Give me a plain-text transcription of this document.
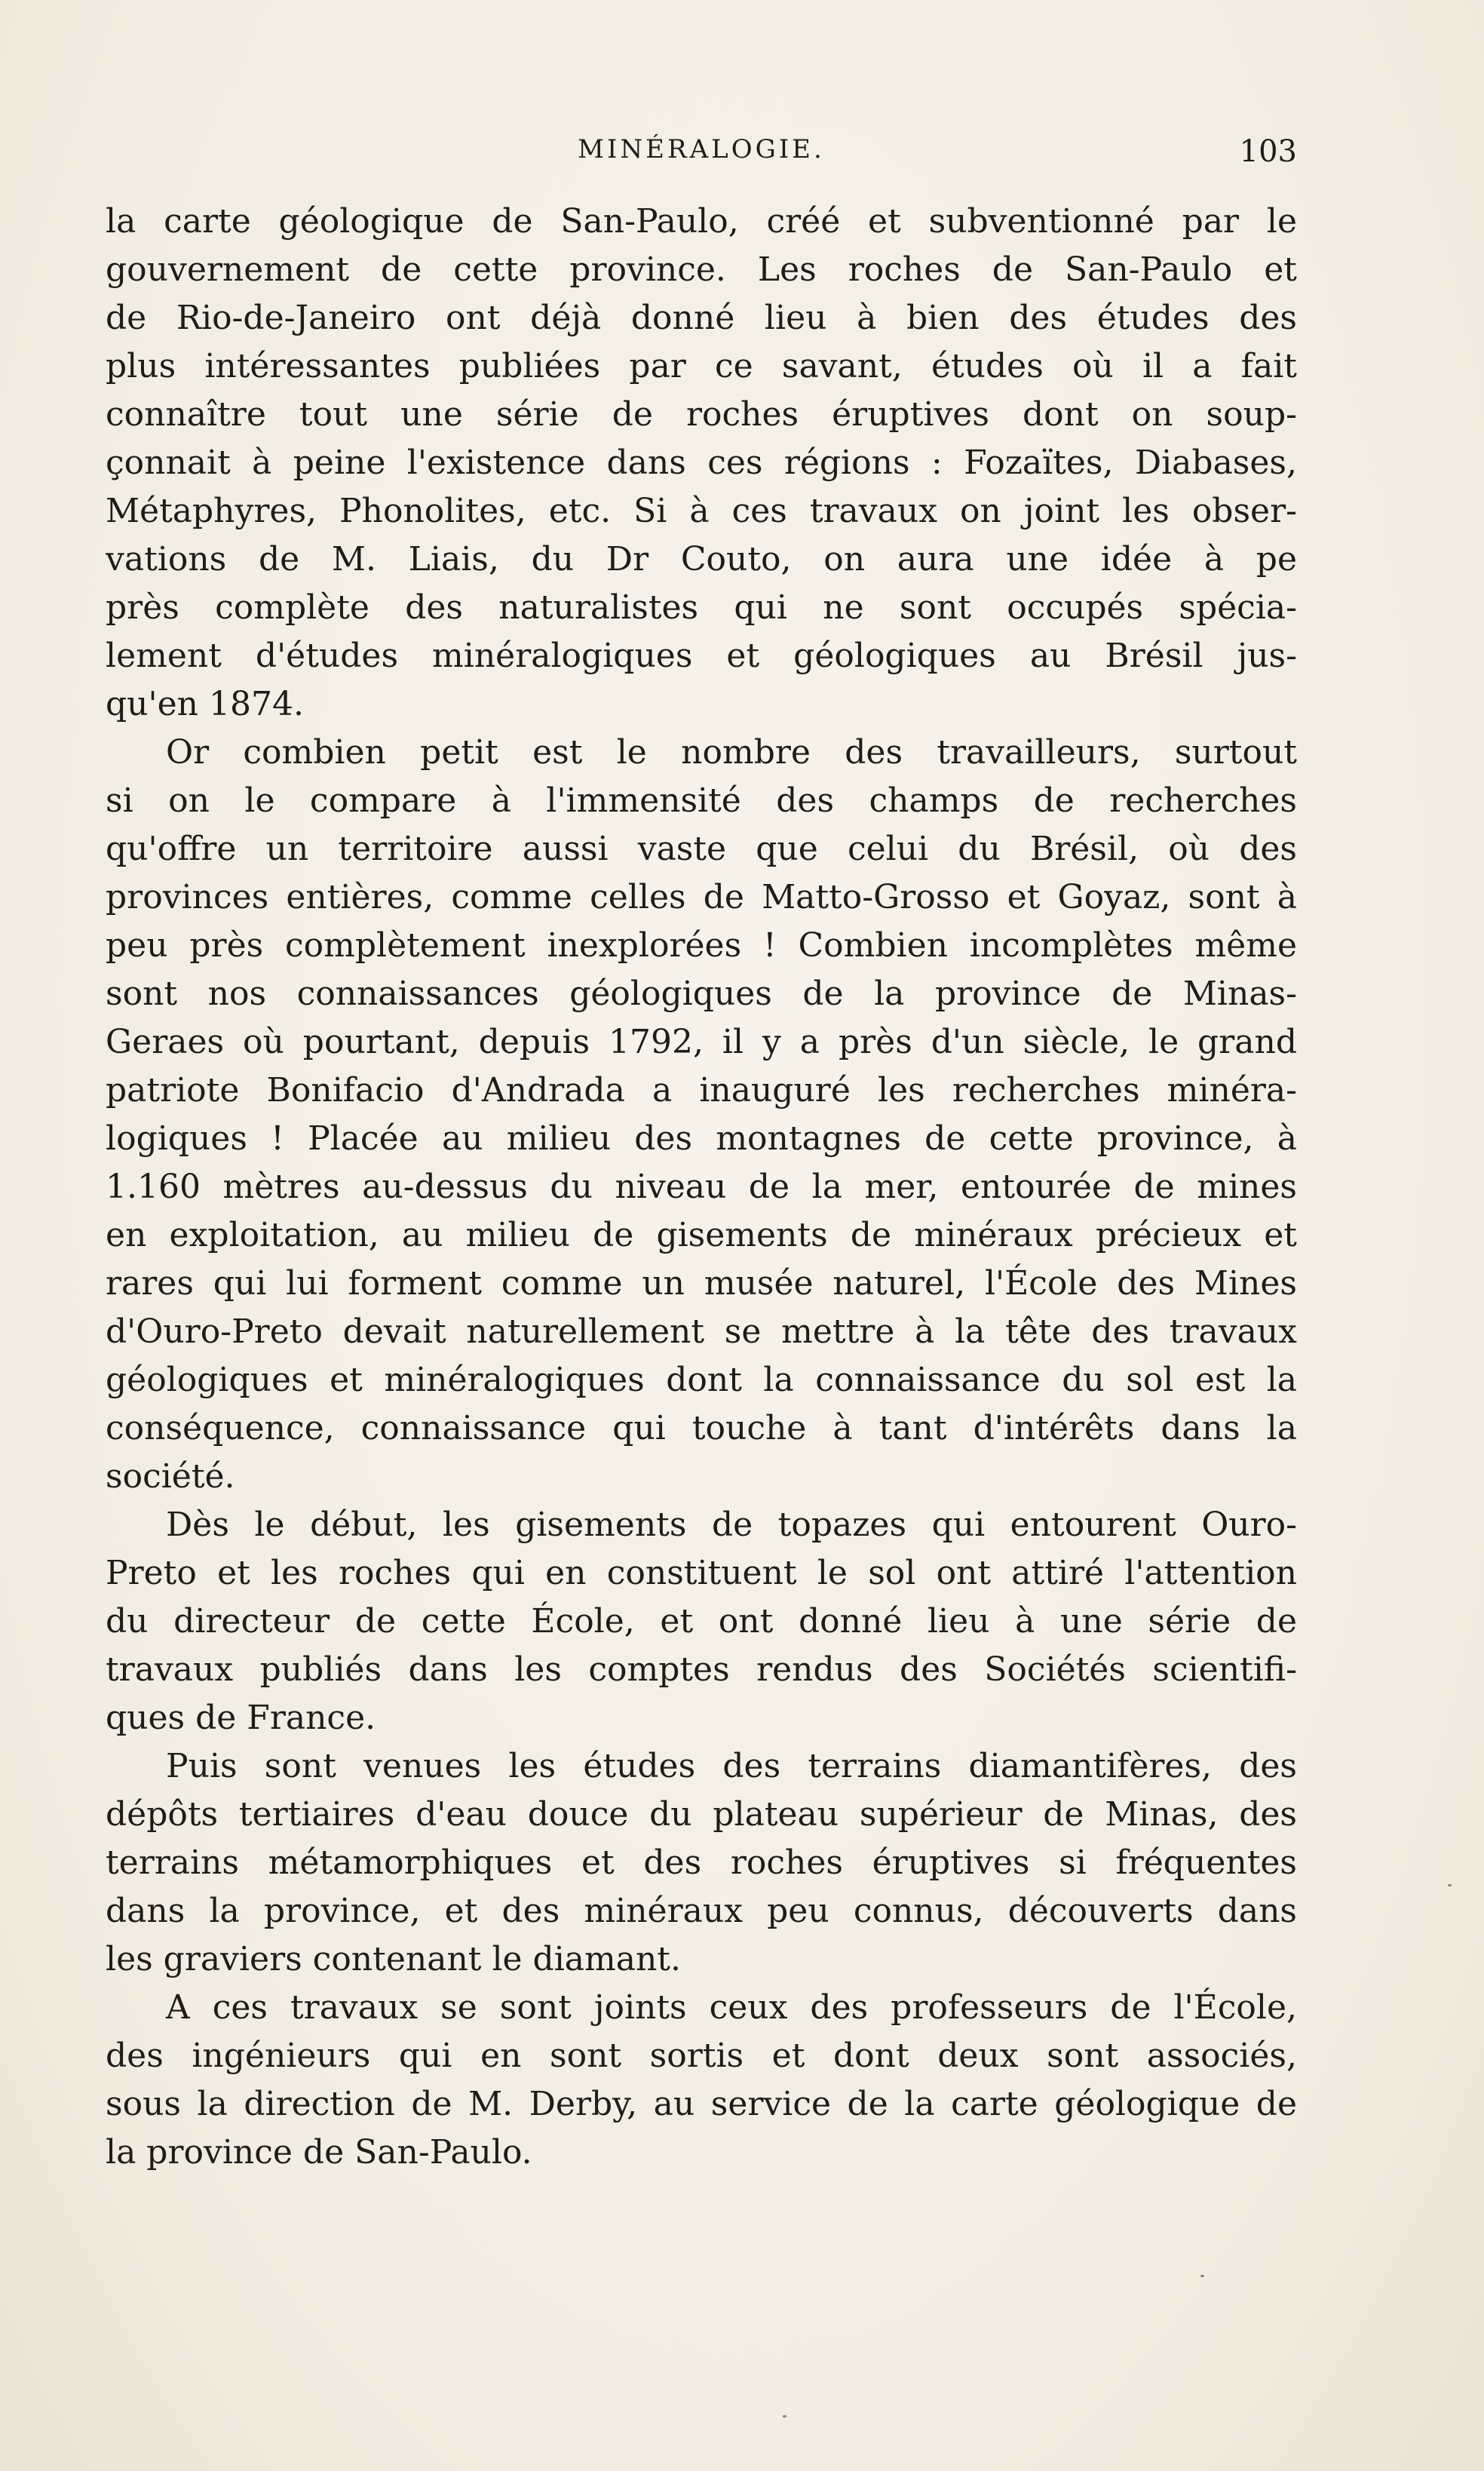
MINÉRALOGIE.	103
la carte géologique de San-Paulo, créé et subventionné par le
gouvernement de cette province. Les roches de San-Paulo et
de Rio-de-Janeiro ont déjà donné lieu à bien des études des
plus intéressantes publiées par ce savant, études où il a fait
connaître tout une série de roches éruptives dont on soup-
çonnait à peine l'existence dans ces régions : Fozaïtes, Diabases,
Métaphyres, Phonolites, etc. Si à ces travaux on joint les obser-
vations de M. Liais, du Dr Couto, on aura une idée à pe
près complète des naturalistes qui ne sont occupés spécia-
lement d'études minéralogiques et géologiques au Brésil jus-
qu'en 1874.
Or combien petit est le nombre des travailleurs, surtout
si on le compare à l'immensité des champs de recherches
qu'offre un territoire aussi vaste que celui du Brésil, où des
provinces entières, comme celles de Matto-Grosso et Goyaz, sont à
peu près complètement inexplorées ! Combien incomplètes même
sont nos connaissances géologiques de la province de Minas-
Geraes où pourtant, depuis 1792, il y a près d'un siècle, le grand
patriote Bonifacio d'Andrada a inauguré les recherches minéra-
logiques ! Placée au milieu des montagnes de cette province, à
1.160 mètres au-dessus du niveau de la mer, entourée de mines
en exploitation, au milieu de gisements de minéraux précieux et
rares qui lui forment comme un musée naturel, l'École des Mines
d'Ouro-Preto devait naturellement se mettre à la tête des travaux
géologiques et minéralogiques dont la connaissance du sol est la
conséquence, connaissance qui touche à tant d'intérêts dans la
société.
Dès le début, les gisements de topazes qui entourent Ouro-
Preto et les roches qui en constituent le sol ont attiré l'attention
du directeur de cette École, et ont donné lieu à une série de
travaux publiés dans les comptes rendus des Sociétés scientifi-
ques de France.
Puis sont venues les études des terrains diamantifères, des
dépôts tertiaires d'eau douce du plateau supérieur de Minas, des
terrains métamorphiques et des roches éruptives si fréquentes
dans la province, et des minéraux peu connus, découverts dans
les graviers contenant le diamant.
A ces travaux se sont joints ceux des professeurs de l'École,
des ingénieurs qui en sont sortis et dont deux sont associés,
sous la direction de M. Derby, au service de la carte géologique de
la province de San-Paulo.
